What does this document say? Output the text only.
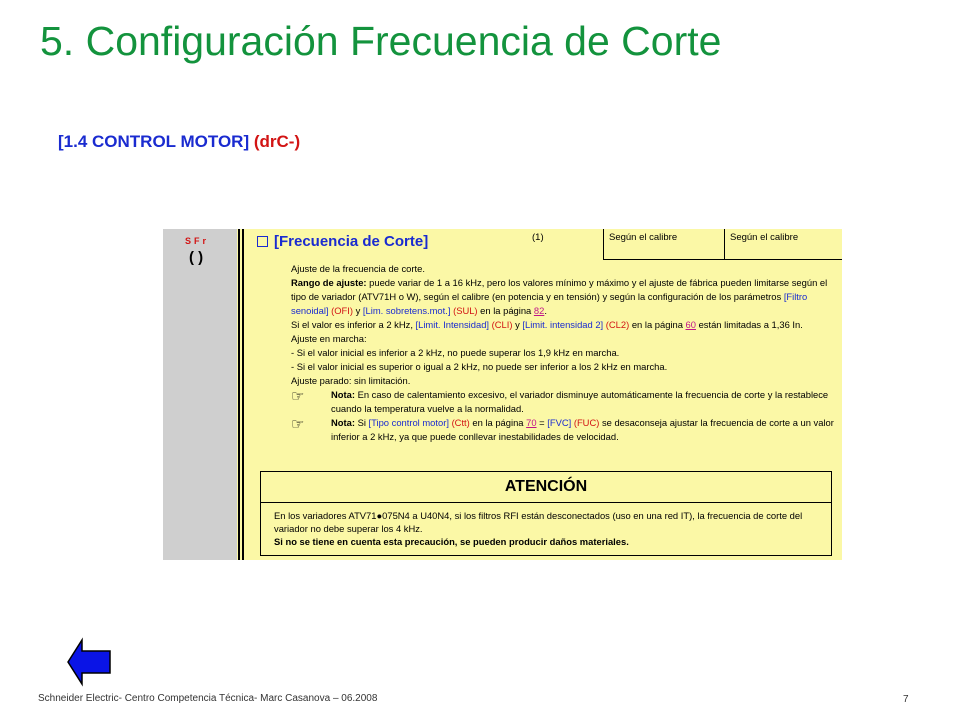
5. Configuración Frecuencia de Corte
[1.4 CONTROL MOTOR] (drC-)
SFr
( )
[Frecuencia de Corte]	(1)	Según el calibre	Según el calibre
Ajuste de la frecuencia de corte.
Rango de ajuste: puede variar de 1 a 16 kHz, pero los valores mínimo y máximo y el ajuste de fábrica pueden limitarse según el tipo de variador (ATV71H o W), según el calibre (en potencia y en tensión) y según la configuración de los parámetros [Filtro senoidal] (OFI) y [Lim. sobretens.mot.] (SUL) en la página 82.
Si el valor es inferior a 2 kHz, [Limit. Intensidad] (CLI) y [Limit. intensidad 2] (CL2) en la página 60 están limitadas a 1,36 In.
Ajuste en marcha:
- Si el valor inicial es inferior a 2 kHz, no puede superar los 1,9 kHz en marcha.
- Si el valor inicial es superior o igual a 2 kHz, no puede ser inferior a los 2 kHz en marcha.
Ajuste parado: sin limitación.
☞	Nota: En caso de calentamiento excesivo, el variador disminuye automáticamente la frecuencia de corte y la restablece cuando la temperatura vuelve a la normalidad.
☞	Nota: Si [Tipo control motor] (Ctt) en la página 70 = [FVC] (FUC) se desaconseja ajustar la frecuencia de corte a un valor inferior a 2 kHz, ya que puede conllevar inestabilidades de velocidad.
ATENCIÓN
En los variadores ATV71●075N4 a U40N4, si los filtros RFI están desconectados (uso en una red IT), la frecuencia de corte del variador no debe superar los 4 kHz.
Si no se tiene en cuenta esta precaución, se pueden producir daños materiales.
Schneider Electric- Centro Competencia Técnica- Marc Casanova – 06.2008	7
